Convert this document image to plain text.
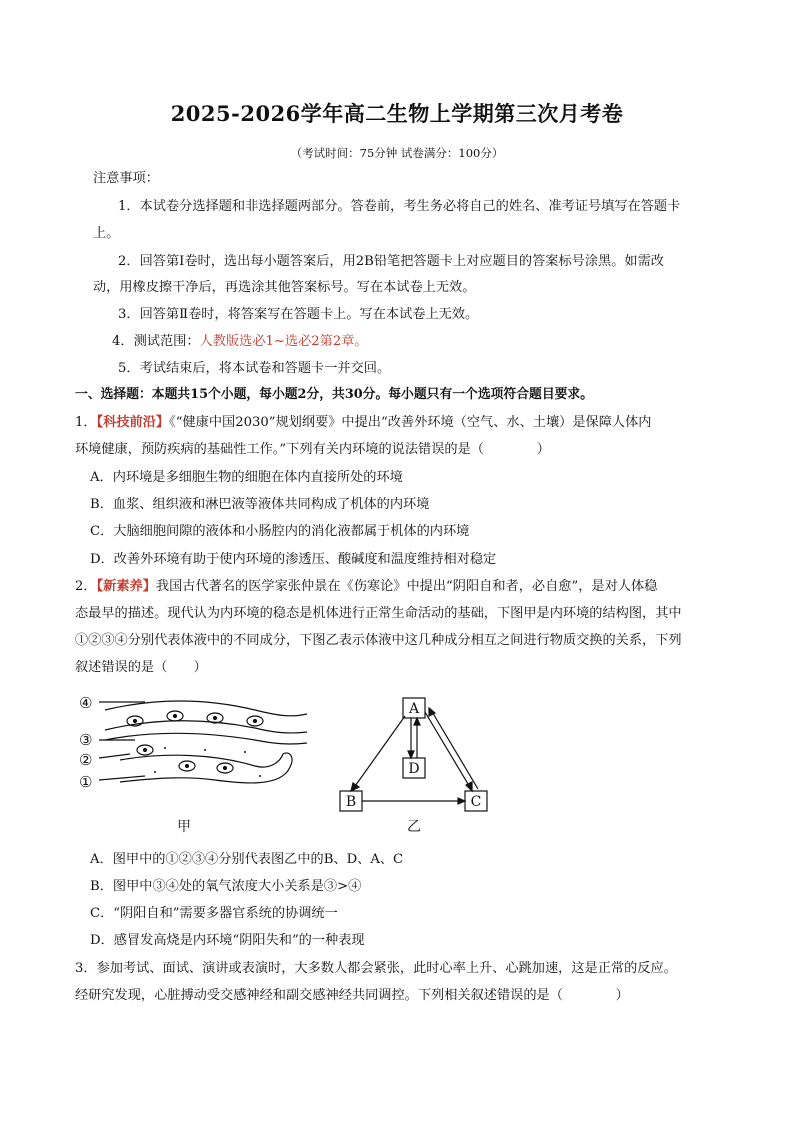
2025-2026学年高二生物上学期第三次月考卷
（考试时间：75分钟 试卷满分：100分）
注意事项：
1．本试卷分选择题和非选择题两部分。答卷前，考生务必将自己的姓名、准考证号填写在答题卡
上。
2．回答第Ⅰ卷时，选出每小题答案后，用2B铅笔把答题卡上对应题目的答案标号涂黑。如需改
动，用橡皮擦干净后，再选涂其他答案标号。写在本试卷上无效。
3．回答第Ⅱ卷时，将答案写在答题卡上。写在本试卷上无效。
4．测试范围：人教版选必1~选必2第2章。
5．考试结束后，将本试卷和答题卡一并交回。
一、选择题：本题共15个小题，每小题2分，共30分。每小题只有一个选项符合题目要求。
1．【科技前沿】《“健康中国2030”规划纲要》中提出“改善外环境（空气、水、土壤）是保障人体内
环境健康，预防疾病的基础性工作。”下列有关内环境的说法错误的是（　　　　）
A．内环境是多细胞生物的细胞在体内直接所处的环境
B．血浆、组织液和淋巴液等液体共同构成了机体的内环境
C．大脑细胞间隙的液体和小肠腔内的消化液都属于机体的内环境
D．改善外环境有助于使内环境的渗透压、酸碱度和温度维持相对稳定
2．【新素养】我国古代著名的医学家张仲景在《伤寒论》中提出“阴阳自和者，必自愈”，是对人体稳
态最早的描述。现代认为内环境的稳态是机体进行正常生命活动的基础，下图甲是内环境的结构图，其中
①②③④分别代表体液中的不同成分，下图乙表示体液中这几种成分相互之间进行物质交换的关系，下列
叙述错误的是（　　）
④
③
②
①
甲
A
B	C
D
乙
A．图甲中的①②③④分别代表图乙中的B、D、A、C
B．图甲中③④处的氧气浓度大小关系是③>④
C．“阴阳自和”需要多器官系统的协调统一
D．感冒发高烧是内环境“阴阳失和”的一种表现
3．参加考试、面试、演讲或表演时，大多数人都会紧张，此时心率上升、心跳加速，这是正常的反应。
经研究发现，心脏搏动受交感神经和副交感神经共同调控。下列相关叙述错误的是（　　　　）
